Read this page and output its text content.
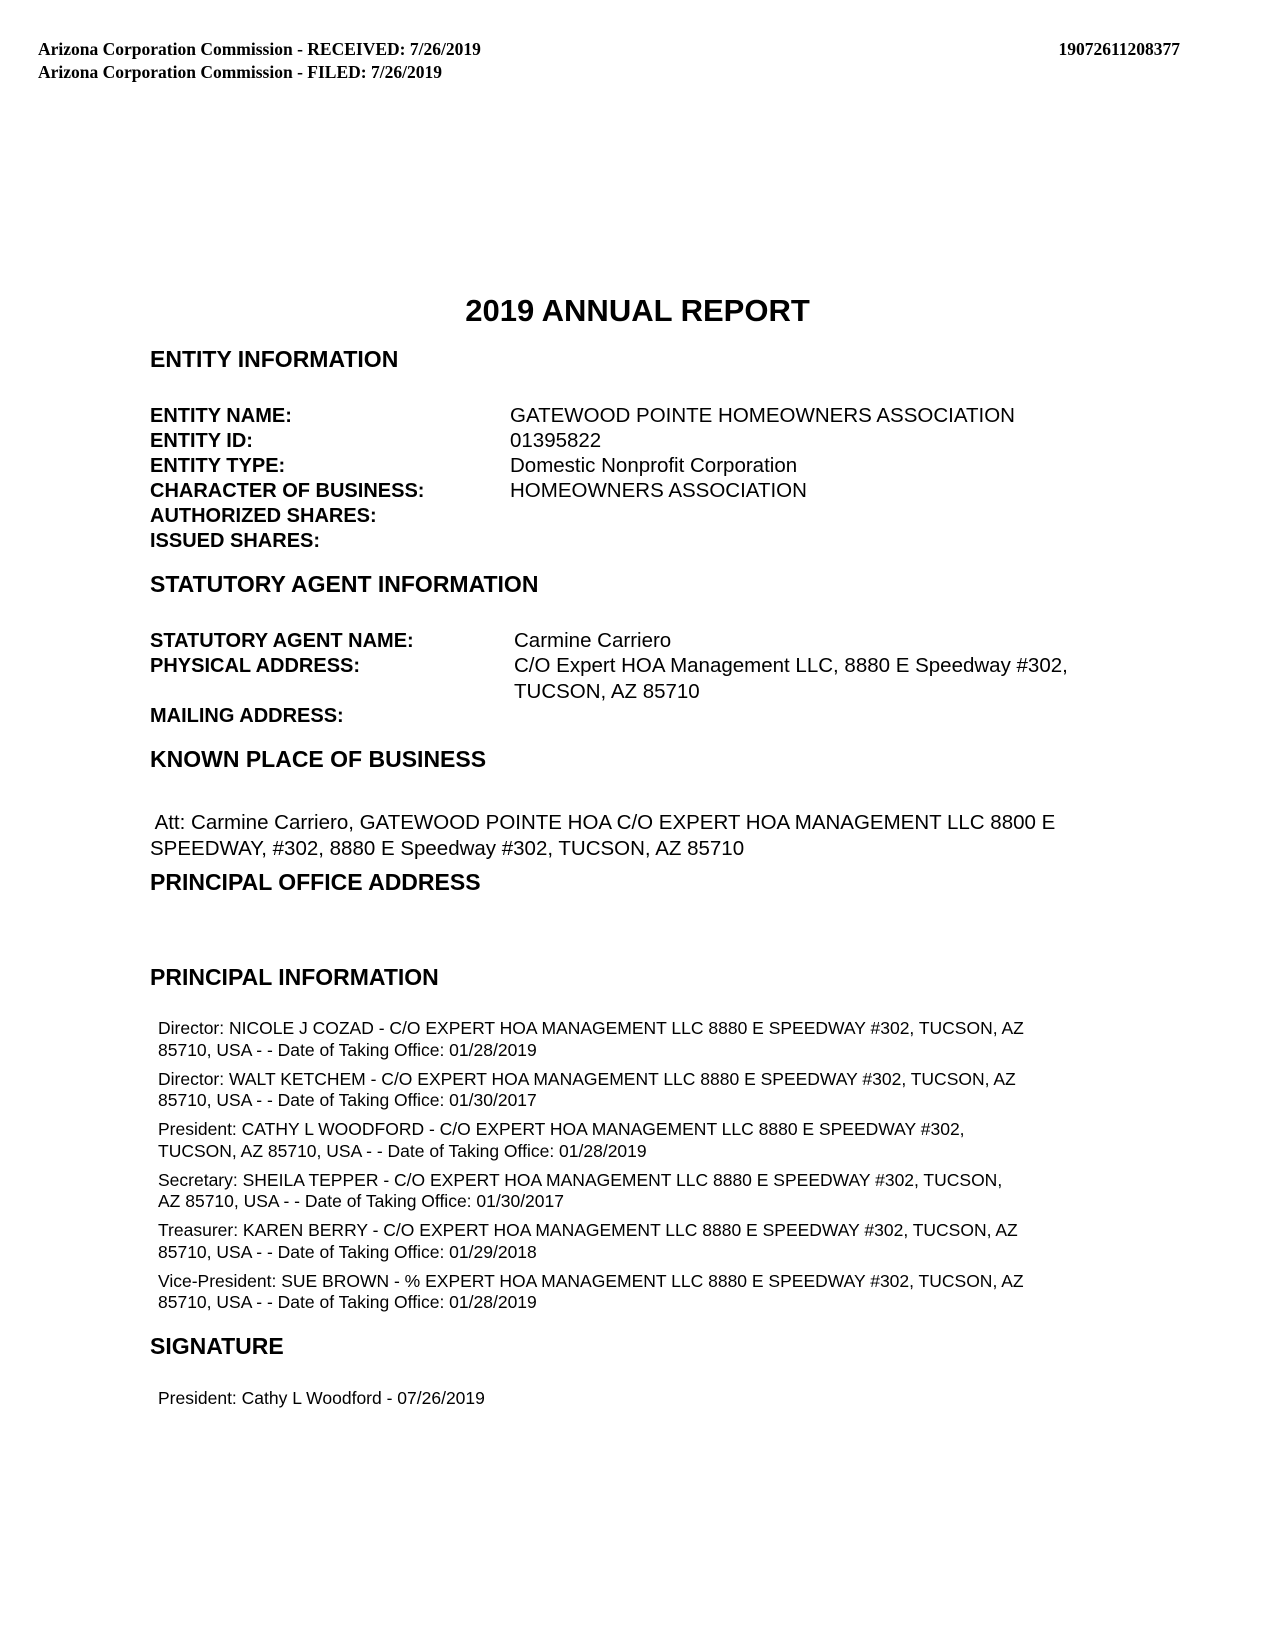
Arizona Corporation Commission - RECEIVED: 7/26/2019
Arizona Corporation Commission - FILED: 7/26/2019
19072611208377
2019 ANNUAL REPORT
ENTITY INFORMATION
ENTITY NAME:	GATEWOOD POINTE HOMEOWNERS ASSOCIATION
ENTITY ID:	01395822
ENTITY TYPE:	Domestic Nonprofit Corporation
CHARACTER OF BUSINESS:	HOMEOWNERS ASSOCIATION
AUTHORIZED SHARES:
ISSUED SHARES:
STATUTORY AGENT INFORMATION
STATUTORY AGENT NAME:	Carmine Carriero
PHYSICAL ADDRESS:	C/O Expert HOA Management LLC, 8880 E Speedway #302,
TUCSON, AZ 85710
MAILING ADDRESS:
KNOWN PLACE OF BUSINESS
Att: Carmine Carriero, GATEWOOD POINTE HOA C/O EXPERT HOA MANAGEMENT LLC 8800 E
SPEEDWAY, #302, 8880 E Speedway #302, TUCSON, AZ 85710
PRINCIPAL OFFICE ADDRESS
PRINCIPAL INFORMATION
Director: NICOLE J COZAD - C/O EXPERT HOA MANAGEMENT LLC 8880 E SPEEDWAY #302, TUCSON, AZ
85710, USA - - Date of Taking Office: 01/28/2019
Director: WALT KETCHEM - C/O EXPERT HOA MANAGEMENT LLC 8880 E SPEEDWAY #302, TUCSON, AZ
85710, USA - - Date of Taking Office: 01/30/2017
President: CATHY L WOODFORD - C/O EXPERT HOA MANAGEMENT LLC 8880 E SPEEDWAY #302,
TUCSON, AZ 85710, USA - - Date of Taking Office: 01/28/2019
Secretary: SHEILA TEPPER - C/O EXPERT HOA MANAGEMENT LLC 8880 E SPEEDWAY #302, TUCSON,
AZ 85710, USA - - Date of Taking Office: 01/30/2017
Treasurer: KAREN BERRY - C/O EXPERT HOA MANAGEMENT LLC 8880 E SPEEDWAY #302, TUCSON, AZ
85710, USA - - Date of Taking Office: 01/29/2018
Vice-President: SUE BROWN - % EXPERT HOA MANAGEMENT LLC 8880 E SPEEDWAY #302, TUCSON, AZ
85710, USA - - Date of Taking Office: 01/28/2019
SIGNATURE
President: Cathy L Woodford - 07/26/2019
